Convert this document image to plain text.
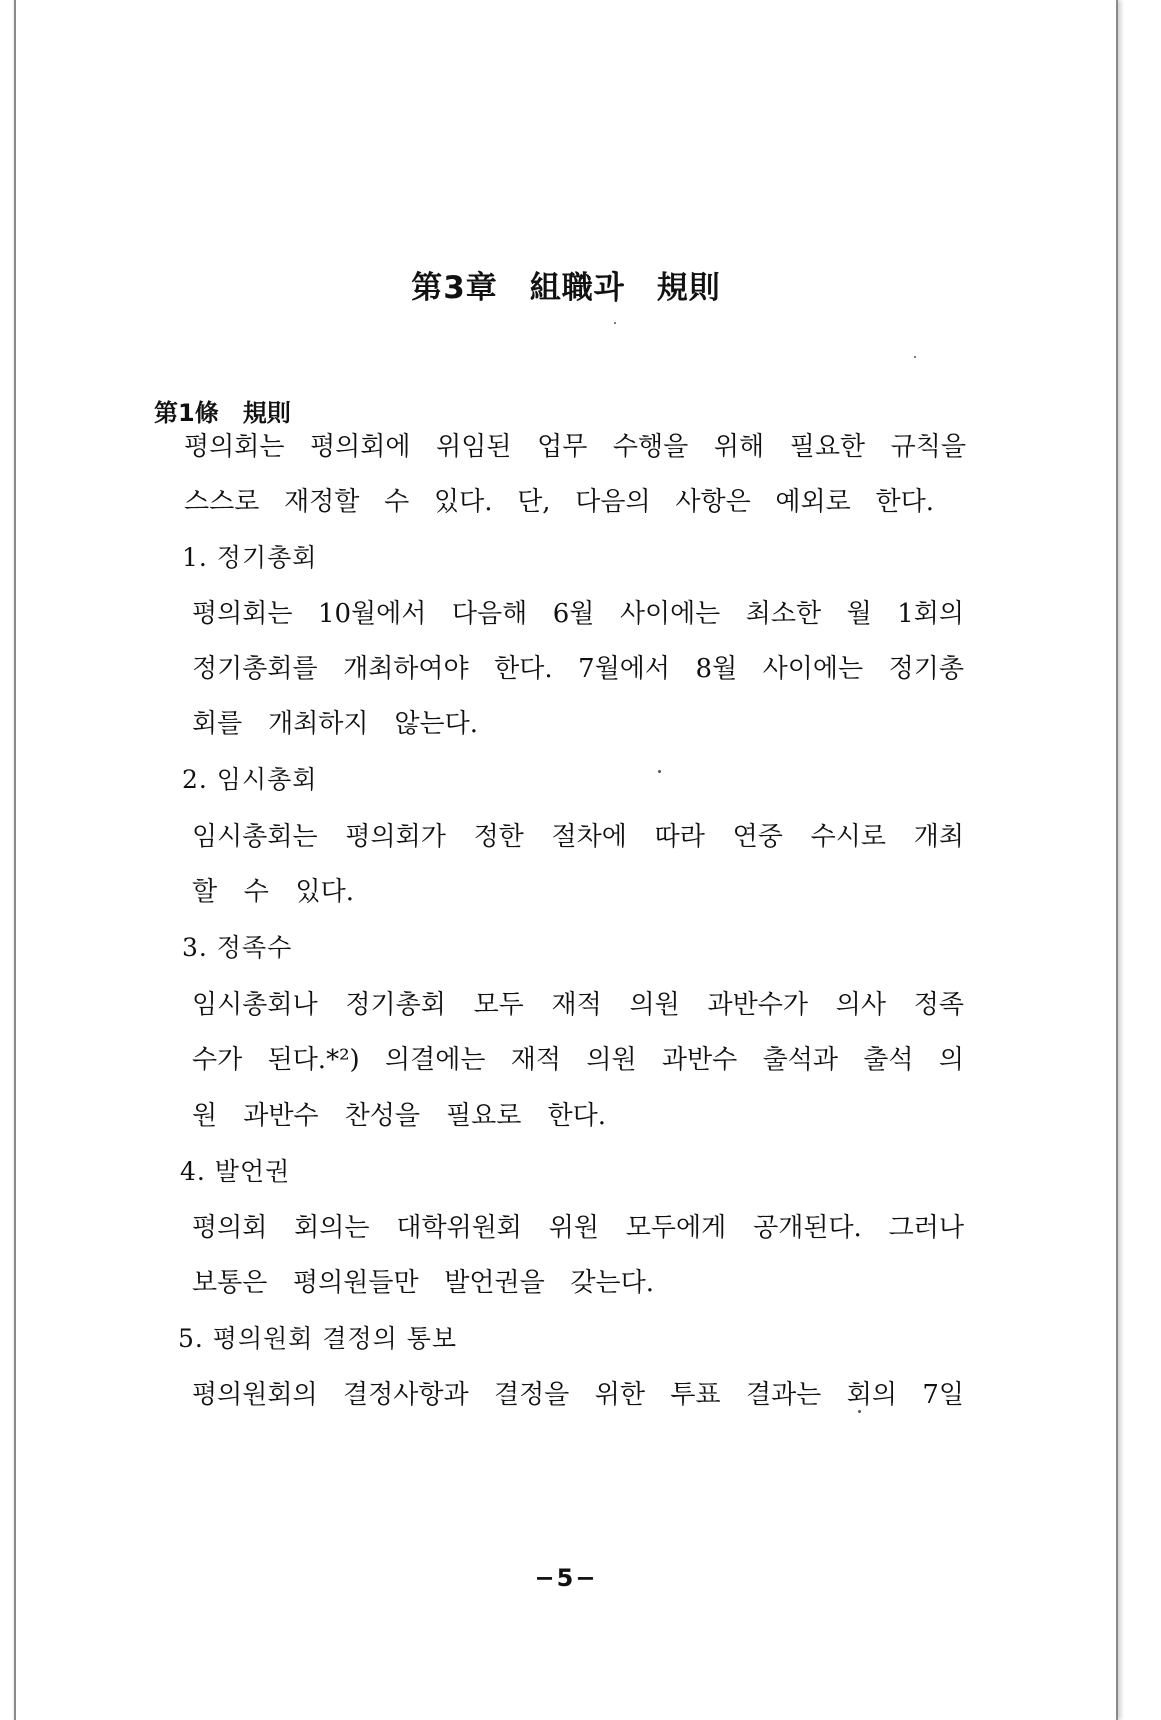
第3章　組職과　規則
第1條　規則
평의회는 평의회에 위임된 업무 수행을 위해 필요한 규칙을
스스로 재정할 수 있다. 단, 다음의 사항은 예외로 한다.
1. 정기총회
평의회는 10월에서 다음해 6월 사이에는 최소한 월 1회의
정기총회를 개최하여야 한다. 7월에서 8월 사이에는 정기총
회를 개최하지 않는다.
2. 임시총회
임시총회는 평의회가 정한 절차에 따라 연중 수시로 개최
할 수 있다.
3. 정족수
임시총회나 정기총회 모두 재적 의원 과반수가 의사 정족
수가 된다.*²) 의결에는 재적 의원 과반수 출석과 출석 의
원 과반수 찬성을 필요로 한다.
4. 발언권
평의회 회의는 대학위원회 위원 모두에게 공개된다. 그러나
보통은 평의원들만 발언권을 갖는다.
5. 평의원회 결정의 통보
평의원회의 결정사항과 결정을 위한 투표 결과는 회의 7일
−5−
